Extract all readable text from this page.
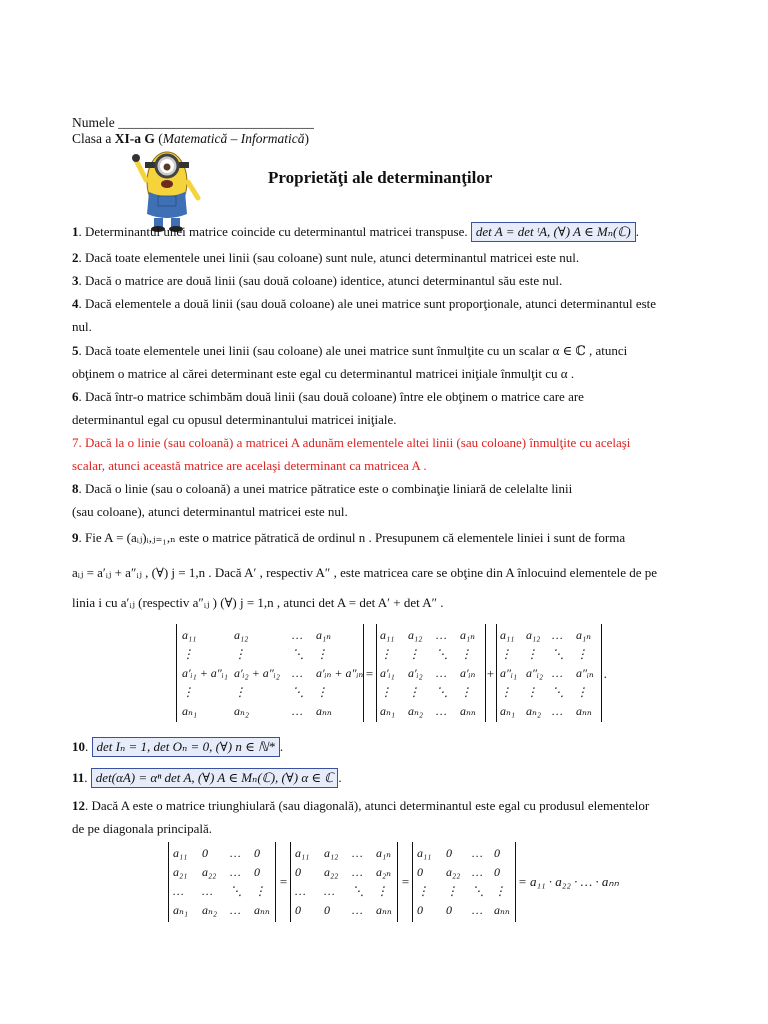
Numele _____________________________
Clasa a XI-a G (Matematică – Informatică)
Proprietăţi ale determinanţilor
1. Determinantul unei matrice coincide cu determinantul matricei transpuse. det A = det ᵗA, (∀) A ∈ Mₙ(ℂ) .
2. Dacă toate elementele unei linii (sau coloane) sunt nule, atunci determinantul matricei este nul.
3. Dacă o matrice are două linii (sau două coloane) identice, atunci determinantul său este nul.
4. Dacă elementele a două linii (sau două coloane) ale unei matrice sunt proporţionale, atunci determinantul este
nul.
5. Dacă toate elementele unei linii (sau coloane) ale unei matrice sunt înmulţite cu un scalar α ∈ ℂ , atunci
obţinem o matrice al cărei determinant este egal cu determinantul matricei iniţiale înmulţit cu α .
6. Dacă într-o matrice schimbăm două linii (sau două coloane) între ele obţinem o matrice care are
determinantul egal cu opusul determinantului matricei iniţiale.
7. Dacă la o linie (sau coloană) a matricei A adunăm elementele altei linii (sau coloane) înmulţite cu acelaşi
scalar, atunci această matrice are acelaşi determinant ca matricea A .
8. Dacă o linie (sau o coloană) a unei matrice pătratice este o combinaţie liniară de celelalte linii
(sau coloane), atunci determinantul matricei este nul.
9. Fie A = (aᵢⱼ)ᵢ,ⱼ₌₁,ₙ este o matrice pătratică de ordinul n . Presupunem că elementele liniei i sunt de forma
aᵢⱼ = a′ᵢⱼ + a″ᵢⱼ , (∀) j = 1,n . Dacă A′ , respectiv A″ , este matricea care se obţine din A înlocuind elementele de pe
linia i cu a′ᵢⱼ (respectiv a″ᵢⱼ ) (∀) j = 1,n , atunci det A = det A′ + det A″ .
a₁₁	a₁₂	… a₁ₙ
⋮	⋮	⋱ ⋮
a′ᵢ₁ + a″ᵢ₁ a′ᵢ₂ + a″ᵢ₂ … a′ᵢₙ + a″ᵢₙ
⋮	⋮	⋱ ⋮
aₙ₁	aₙ₂	… aₙₙ
=
a₁₁ a₁₂ … a₁ₙ
⋮ ⋮ ⋱ ⋮
a′ᵢ₁ a′ᵢ₂ … a′ᵢₙ
⋮ ⋮ ⋱ ⋮
aₙ₁ aₙ₂ … aₙₙ
+
a₁₁ a₁₂ … a₁ₙ
⋮ ⋮ ⋱ ⋮
a″ᵢ₁ a″ᵢ₂ … a″ᵢₙ
⋮ ⋮ ⋱ ⋮
aₙ₁ aₙ₂ … aₙₙ
.
10. det Iₙ = 1, det Oₙ = 0, (∀) n ∈ ℕ* .
11. det(αA) = αⁿ det A, (∀) A ∈ Mₙ(ℂ), (∀) α ∈ ℂ .
12. Dacă A este o matrice triunghiulară (sau diagonală), atunci determinantul este egal cu produsul elementelor
de pe diagonala principală.
a₁₁ 0 … 0
a₂₁ a₂₂ … 0
… … ⋱ ⋮
aₙ₁ aₙ₂ … aₙₙ
=
a₁₁ a₁₂ … a₁ₙ
0 a₂₂ … a₂ₙ
… … ⋱ ⋮
0 0 … aₙₙ
=
a₁₁ 0 … 0
0 a₂₂ … 0
⋮ ⋮ ⋱ ⋮
0 0 … aₙₙ
= a₁₁ · a₂₂ · … · aₙₙ
